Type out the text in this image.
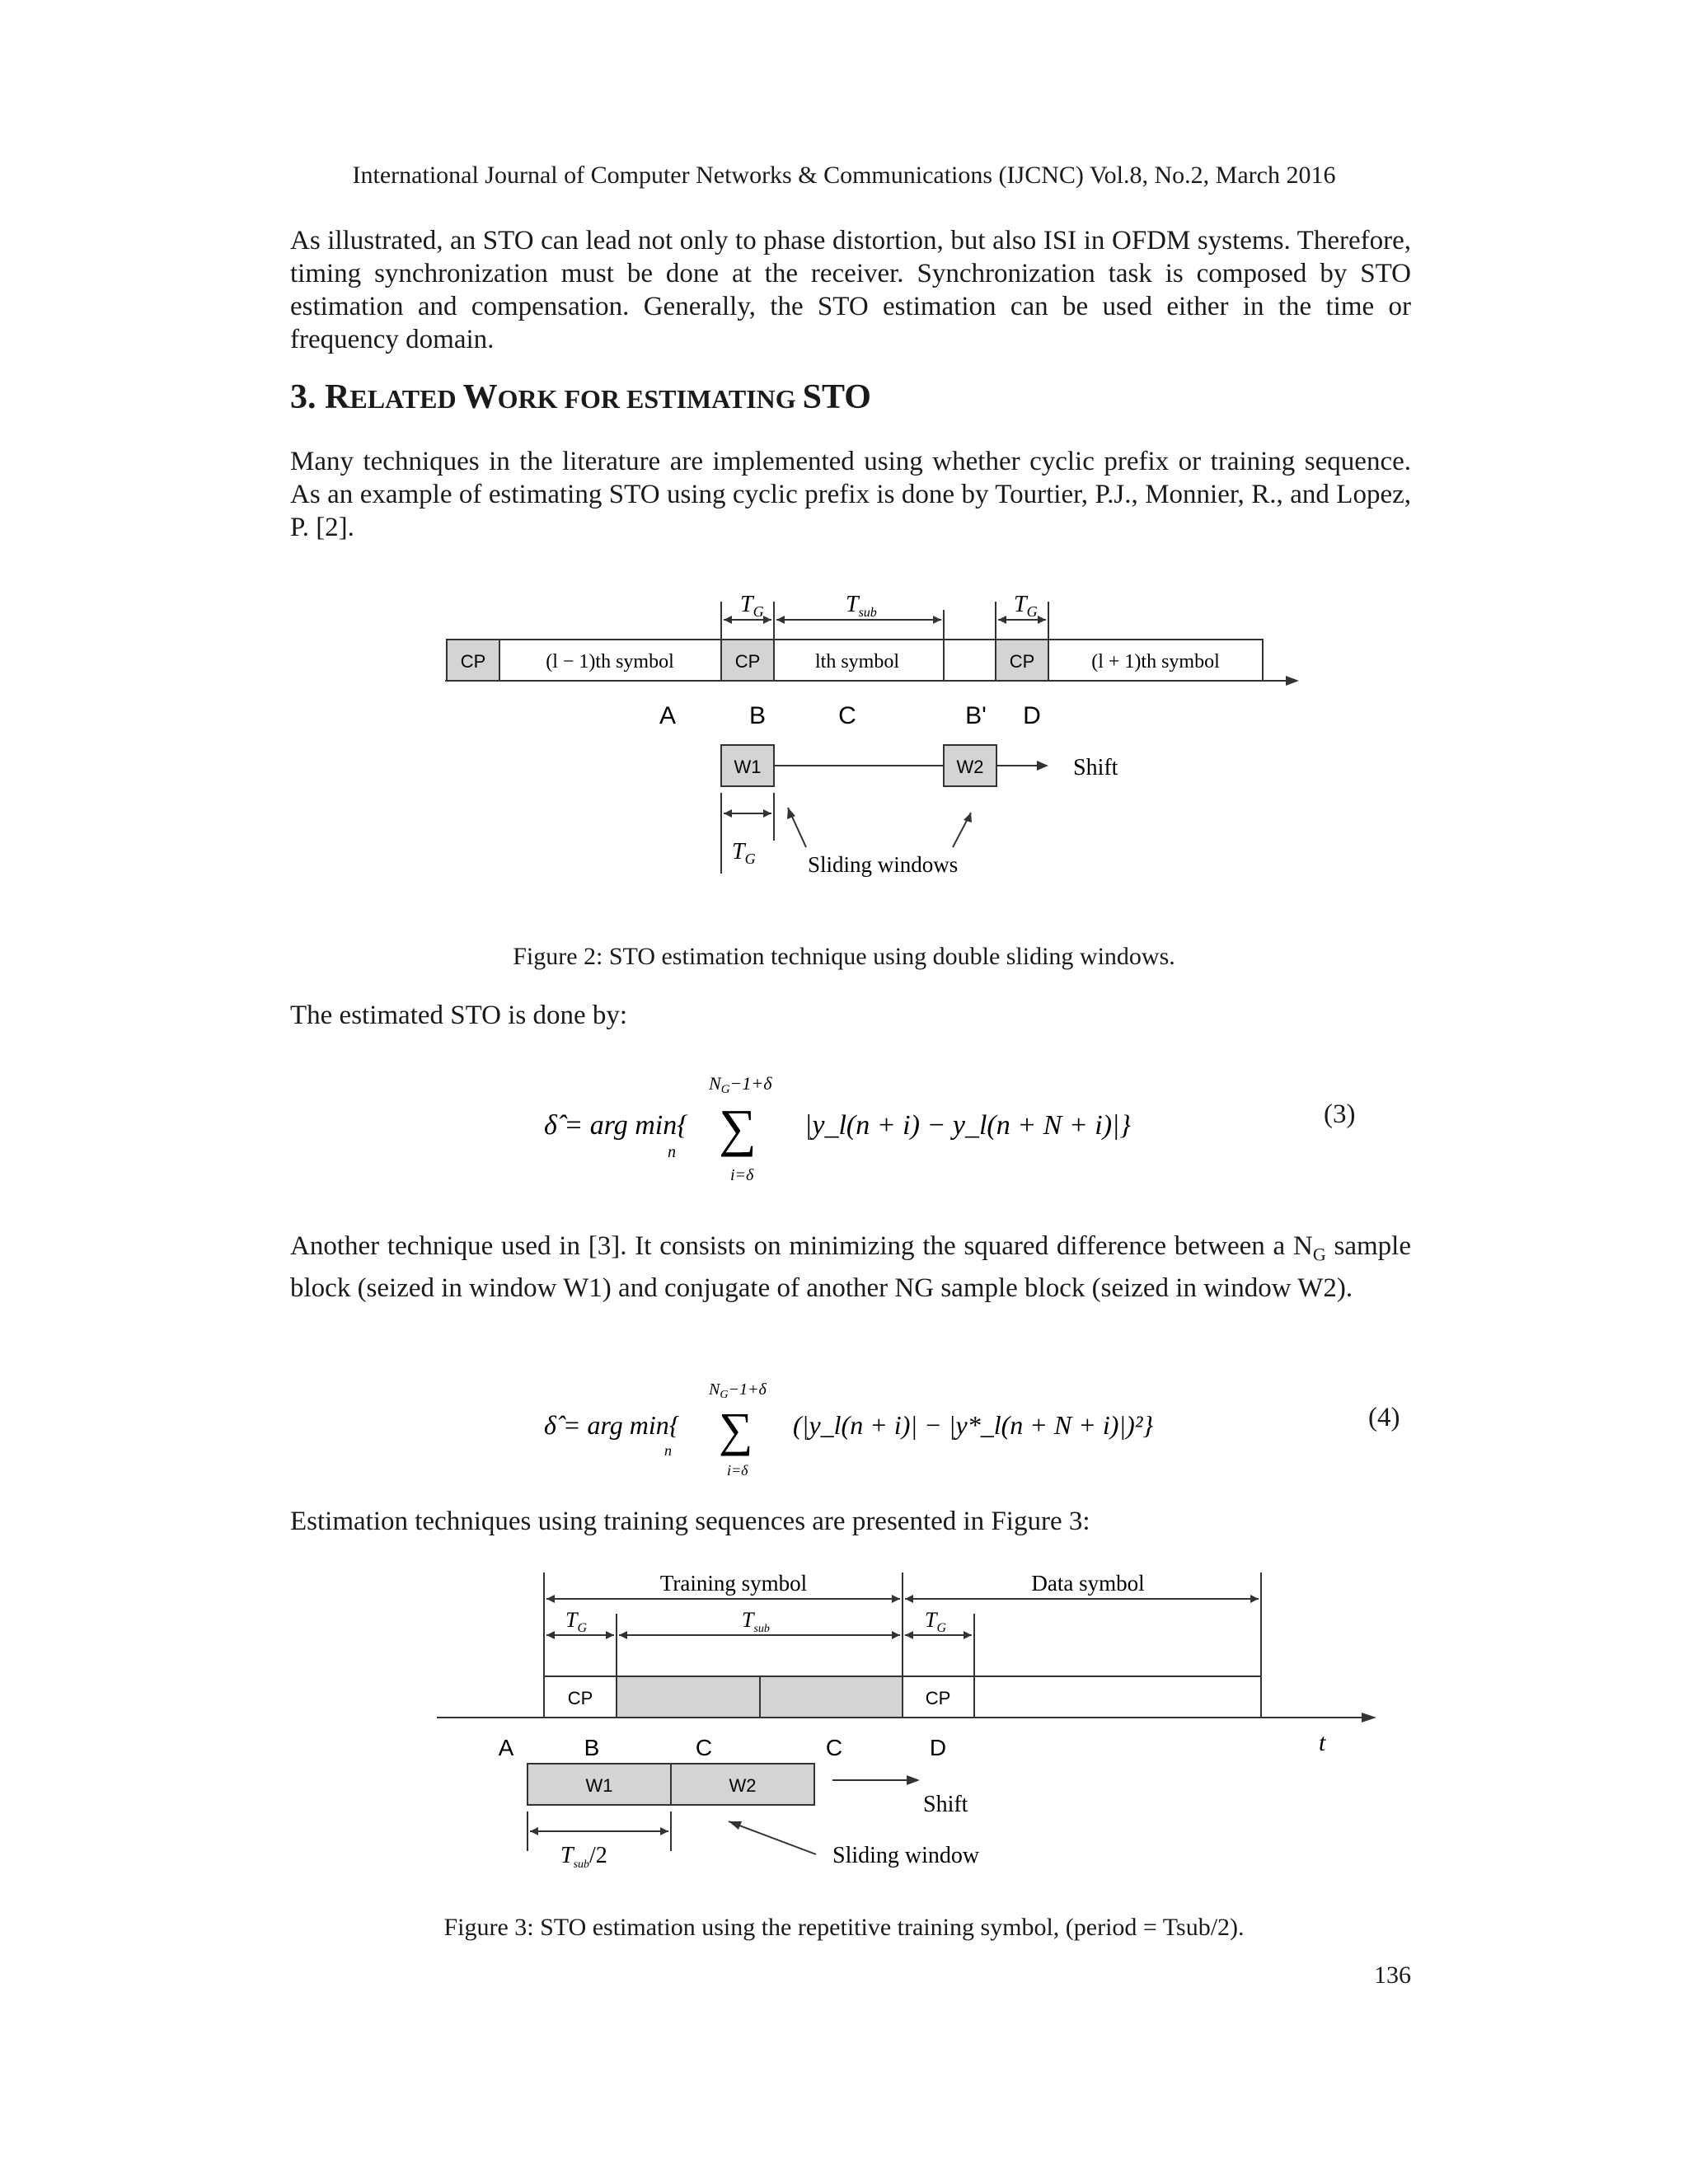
International Journal of Computer Networks & Communications (IJCNC) Vol.8, No.2, March 2016
As illustrated, an STO can lead not only to phase distortion, but also ISI in OFDM systems. Therefore, timing synchronization must be done at the receiver. Synchronization task is composed by STO estimation and compensation. Generally, the STO estimation can be used either in the time or frequency domain.
3. RELATED WORK FOR ESTIMATING STO
Many techniques in the literature are implemented using whether cyclic prefix or training sequence. As an example of estimating STO using cyclic prefix is done by Tourtier, P.J., Monnier, R., and Lopez, P. [2].
$T_G$	$T_{sub}$	$T_G$
CP	(l − 1)th symbol	CP	lth symbol	CP	(l + 1)th symbol
A	B	C	B' D
W1	W2	Shift
$T_G$ Sliding windows
Figure 2: STO estimation technique using double sliding windows.
The estimated STO is done by:
δ̂ = arg min{
n
NG−1+δ
∑
i=δ
|y_l(n + i) − y_l(n + N + i)|}	(3)
Another technique used in [3]. It consists on minimizing the squared difference between a $N_G$ sample block (seized in window W1) and conjugate of another NG sample block (seized in window W2).
δ̂ = arg min{
n
$N_G-1+\delta$
∑
i=δ
(|y_l(n + i)| − |y*_l(n + N + i)|)²}	(4)
Estimation techniques using training sequences are presented in Figure 3:
Training symbol	Data symbol
$T_G$	$T_{sub}$	$T_G$
CP	CP
A	B	C	C	D	t
W1	W2
Shift
$T_{sub}/2$	Sliding window
Figure 3: STO estimation using the repetitive training symbol, (period = Tsub/2).
136
